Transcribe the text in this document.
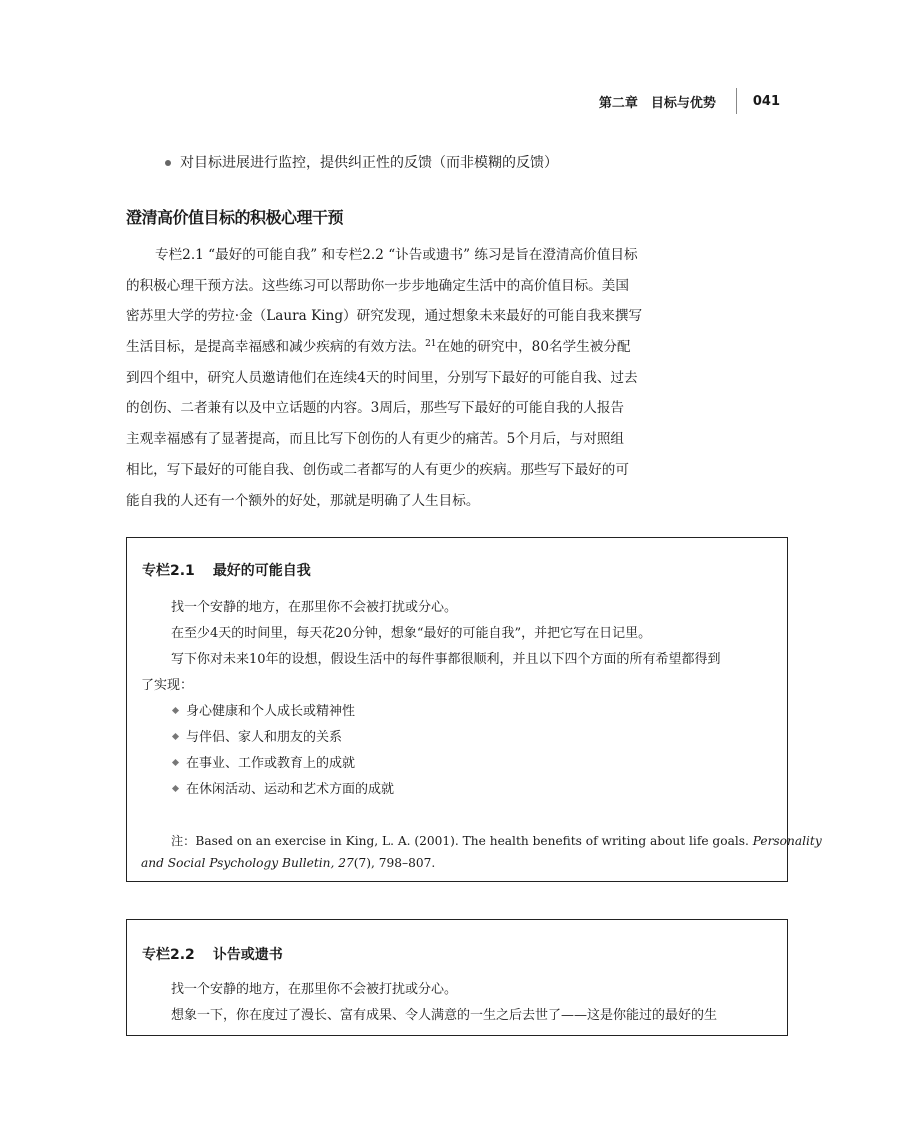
第二章　目标与优势	041
对目标进展进行监控，提供纠正性的反馈（而非模糊的反馈）
澄清高价值目标的积极心理干预
专栏2.1 “最好的可能自我” 和专栏2.2 “讣告或遗书” 练习是旨在澄清高价值目标
的积极心理干预方法。这些练习可以帮助你一步步地确定生活中的高价值目标。美国
密苏里大学的劳拉·金（Laura King）研究发现，通过想象未来最好的可能自我来撰写
生活目标，是提高幸福感和减少疾病的有效方法。$^{21}$在她的研究中，80名学生被分配
到四个组中，研究人员邀请他们在连续4天的时间里，分别写下最好的可能自我、过去
的创伤、二者兼有以及中立话题的内容。3周后，那些写下最好的可能自我的人报告
主观幸福感有了显著提高，而且比写下创伤的人有更少的痛苦。5个月后，与对照组
相比，写下最好的可能自我、创伤或二者都写的人有更少的疾病。那些写下最好的可
能自我的人还有一个额外的好处，那就是明确了人生目标。
专栏2.1 最好的可能自我
找一个安静的地方，在那里你不会被打扰或分心。
在至少4天的时间里，每天花20分钟，想象“最好的可能自我”，并把它写在日记里。
写下你对未来10年的设想，假设生活中的每件事都很顺利，并且以下四个方面的所有希望都得到
了实现：
身心健康和个人成长或精神性
与伴侣、家人和朋友的关系
在事业、工作或教育上的成就
在休闲活动、运动和艺术方面的成就
注：Based on an exercise in King, L. A. (2001). The health benefits of writing about life goals. Personality
and Social Psychology Bulletin, 27(7), 798–807.
专栏2.2 讣告或遗书
找一个安静的地方，在那里你不会被打扰或分心。
想象一下，你在度过了漫长、富有成果、令人满意的一生之后去世了——这是你能过的最好的生
